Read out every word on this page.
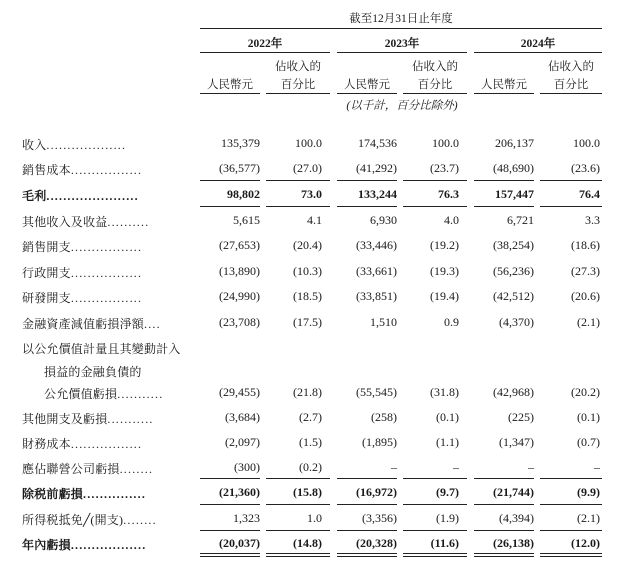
截至12月31日止年度
2022年	2023年	2024年
佔收入的	佔收入的	佔收入的
人民幣元	百分比	人民幣元	百分比	人民幣元	百分比
(以千計，百分比除外)
收入...................	135,379	100.0	174,536	100.0	206,137	100.0
銷售成本.................	(36,577)	(27.0)	(41,292)	(23.7)	(48,690)	(23.6)
毛利......................	98,802	73.0	133,244	76.3	157,447	76.4
其他收入及收益..........	5,615	4.1	6,930	4.0	6,721	3.3
銷售開支.................	(27,653)	(20.4)	(33,446)	(19.2)	(38,254)	(18.6)
行政開支.................	(13,890)	(10.3)	(33,661)	(19.3)	(56,236)	(27.3)
研發開支.................	(24,990)	(18.5)	(33,851)	(19.4)	(42,512)	(20.6)
金融資產減值虧損淨額....	(23,708)	(17.5)	1,510	0.9	(4,370)	(2.1)
以公允價值計量且其變動計入
損益的金融負債的
公允價值虧損...........	(29,455)	(21.8)	(55,545)	(31.8)	(42,968)	(20.2)
其他開支及虧損...........	(3,684)	(2.7)	(258)	(0.1)	(225)	(0.1)
財務成本.................	(2,097)	(1.5)	(1,895)	(1.1)	(1,347)	(0.7)
應佔聯營公司虧損........	(300)	(0.2)	–	–	–	–
除税前虧損...............	(21,360)	(15.8)	(16,972)	(9.7)	(21,744)	(9.9)
所得税抵免╱(開支)........	1,323	1.0	(3,356)	(1.9)	(4,394)	(2.1)
年內虧損..................	(20,037)	(14.8)	(20,328)	(11.6)	(26,138)	(12.0)
